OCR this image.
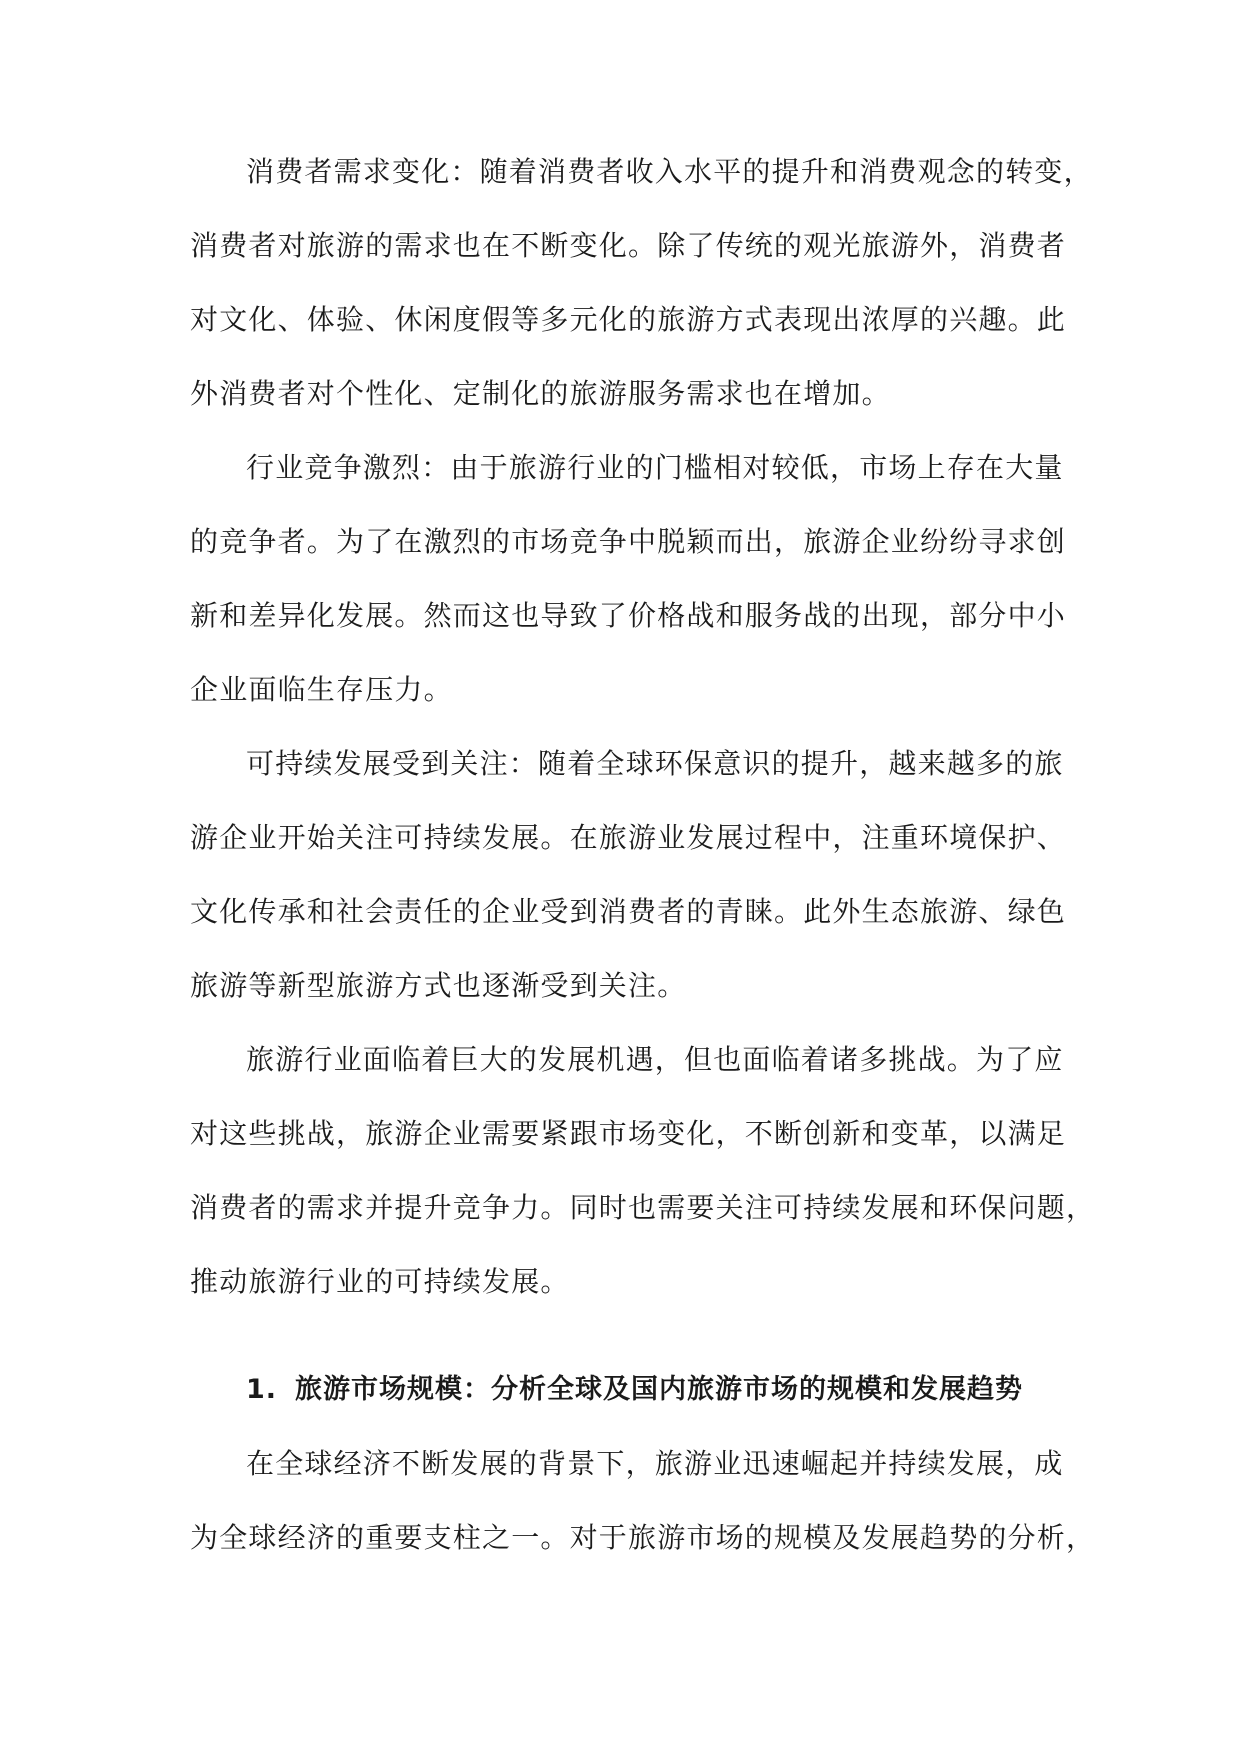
消费者需求变化：随着消费者收入水平的提升和消费观念的转变，
消费者对旅游的需求也在不断变化。除了传统的观光旅游外，消费者
对文化、体验、休闲度假等多元化的旅游方式表现出浓厚的兴趣。此
外消费者对个性化、定制化的旅游服务需求也在增加。
行业竞争激烈：由于旅游行业的门槛相对较低，市场上存在大量
的竞争者。为了在激烈的市场竞争中脱颖而出，旅游企业纷纷寻求创
新和差异化发展。然而这也导致了价格战和服务战的出现，部分中小
企业面临生存压力。
可持续发展受到关注：随着全球环保意识的提升，越来越多的旅
游企业开始关注可持续发展。在旅游业发展过程中，注重环境保护、
文化传承和社会责任的企业受到消费者的青睐。此外生态旅游、绿色
旅游等新型旅游方式也逐渐受到关注。
旅游行业面临着巨大的发展机遇，但也面临着诸多挑战。为了应
对这些挑战，旅游企业需要紧跟市场变化，不断创新和变革，以满足
消费者的需求并提升竞争力。同时也需要关注可持续发展和环保问题，
推动旅游行业的可持续发展。
1. 旅游市场规模：分析全球及国内旅游市场的规模和发展趋势
在全球经济不断发展的背景下，旅游业迅速崛起并持续发展，成
为全球经济的重要支柱之一。对于旅游市场的规模及发展趋势的分析，
